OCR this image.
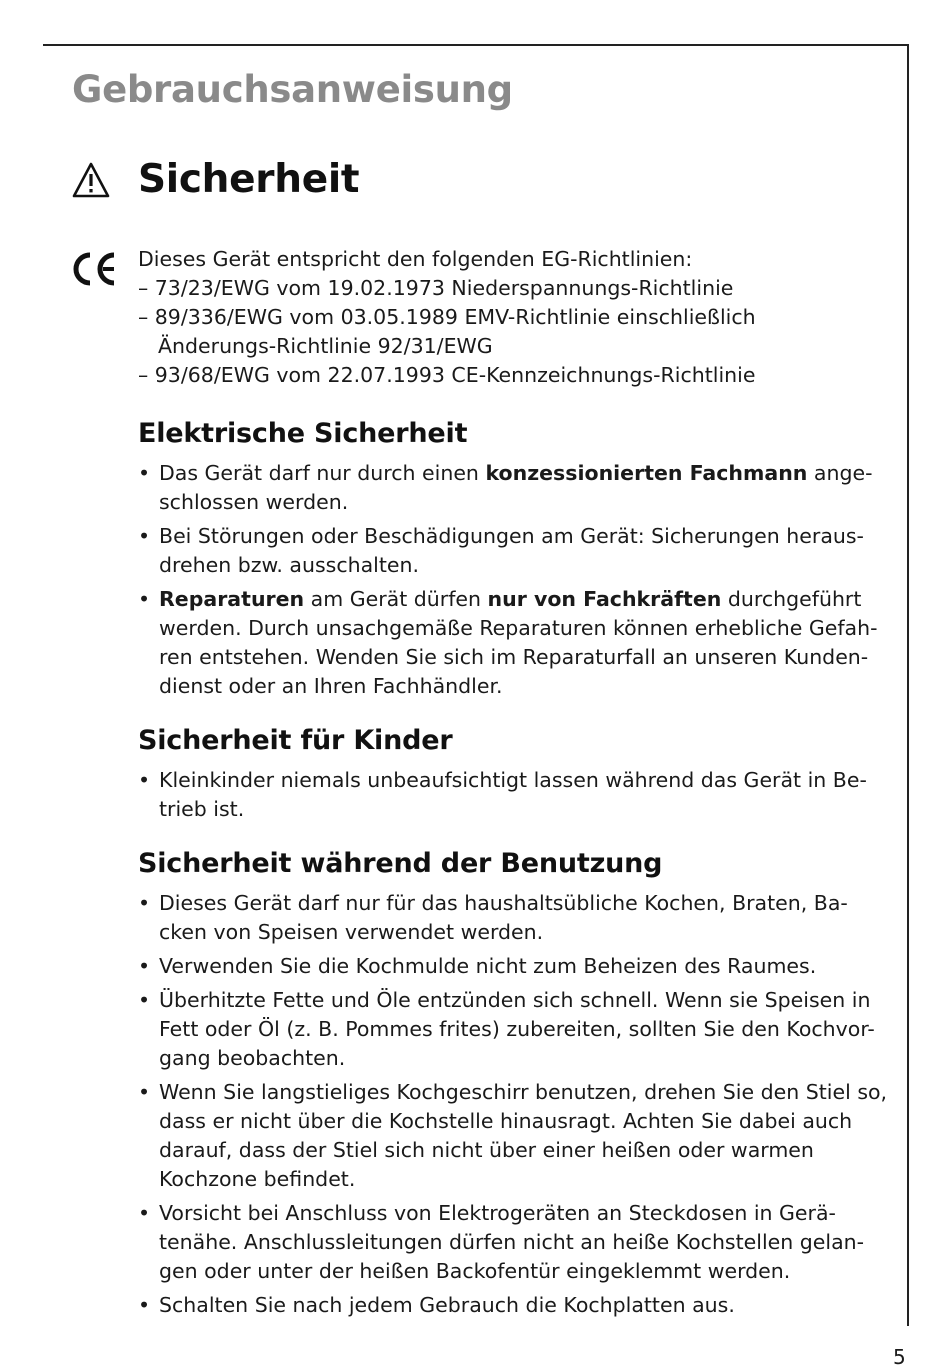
Gebrauchsanweisung
Sicherheit

Dieses Gerät entspricht den folgenden EG-Richtlinien:
– 73/23/EWG vom 19.02.1973 Niederspannungs-Richtlinie
– 89/336/EWG vom 03.05.1989 EMV-Richtlinie einschließlich
Änderungs-Richtlinie 92/31/EWG
– 93/68/EWG vom 22.07.1993 CE-Kennzeichnungs-Richtlinie

Elektrische Sicherheit
• Das Gerät darf nur durch einen konzessionierten Fachmann ange-schlossen werden.
• Bei Störungen oder Beschädigungen am Gerät: Sicherungen heraus-drehen bzw. ausschalten.
• Reparaturen am Gerät dürfen nur von Fachkräften durchgeführt werden. Durch unsachgemäße Reparaturen können erhebliche Gefah-ren entstehen. Wenden Sie sich im Reparaturfall an unseren Kunden-dienst oder an Ihren Fachhändler.
Sicherheit für Kinder
• Kleinkinder niemals unbeaufsichtigt lassen während das Gerät in Be-trieb ist.
Sicherheit während der Benutzung
• Dieses Gerät darf nur für das haushaltsübliche Kochen, Braten, Ba-cken von Speisen verwendet werden.
• Verwenden Sie die Kochmulde nicht zum Beheizen des Raumes.
• Überhitzte Fette und Öle entzünden sich schnell. Wenn sie Speisen in Fett oder Öl (z. B. Pommes frites) zubereiten, sollten Sie den Kochvor-gang beobachten.
• Wenn Sie langstieliges Kochgeschirr benutzen, drehen Sie den Stiel so, dass er nicht über die Kochstelle hinausragt. Achten Sie dabei auch darauf, dass der Stiel sich nicht über einer heißen oder warmen Kochzone befindet.
• Vorsicht bei Anschluss von Elektrogeräten an Steckdosen in Gerä-tenähe. Anschlussleitungen dürfen nicht an heiße Kochstellen gelan-gen oder unter der heißen Backofentür eingeklemmt werden.
• Schalten Sie nach jedem Gebrauch die Kochplatten aus.
5
